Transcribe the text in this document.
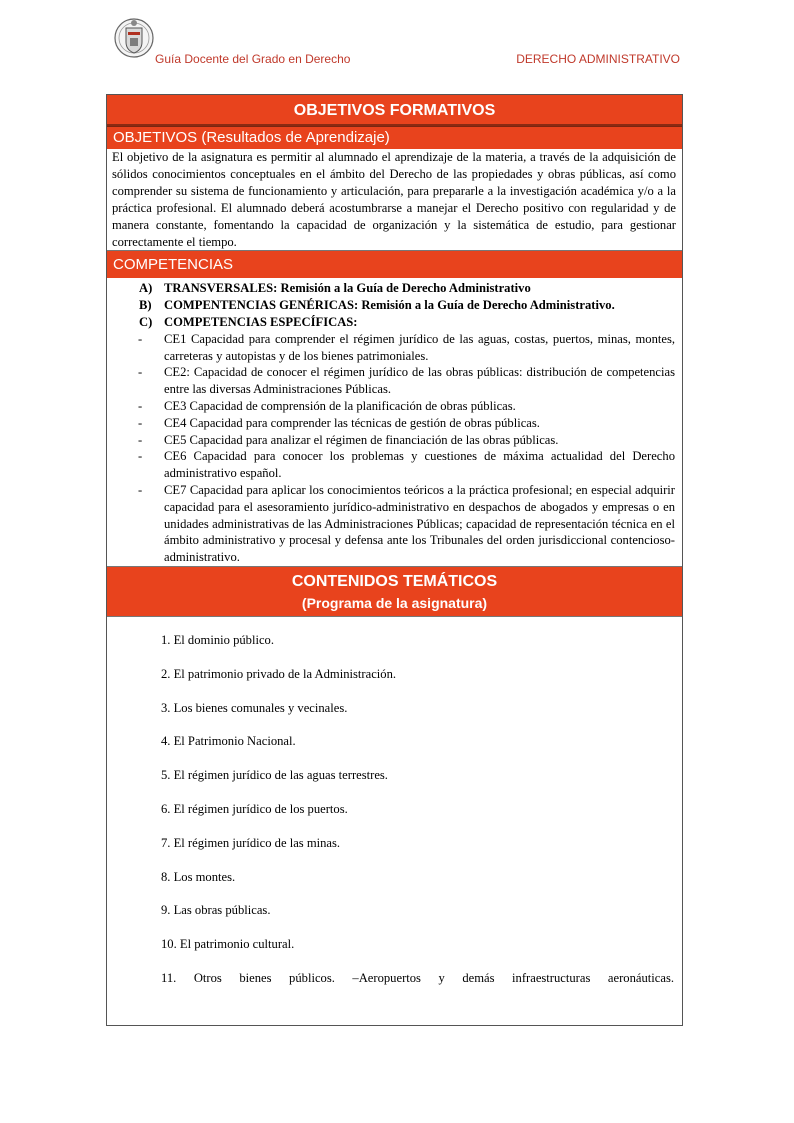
Guía Docente del Grado en Derecho	DERECHO ADMINISTRATIVO
OBJETIVOS FORMATIVOS
OBJETIVOS (Resultados de Aprendizaje)
El objetivo de la asignatura es permitir al alumnado el aprendizaje de la materia, a través de la adquisición de sólidos conocimientos conceptuales en el ámbito del Derecho de las propiedades y obras públicas, así como comprender su sistema de funcionamiento y articulación, para prepararle a la investigación académica y/o a la práctica profesional. El alumnado deberá acostumbrarse a manejar el Derecho positivo con regularidad y de manera constante, fomentando la capacidad de organización y la sistemática de estudio, para gestionar correctamente el tiempo.
COMPETENCIAS
A) TRANSVERSALES: Remisión a la Guía de Derecho Administrativo
B) COMPENTENCIAS GENÉRICAS: Remisión a la Guía de Derecho Administrativo.
C) COMPETENCIAS ESPECÍFICAS:
-	CE1 Capacidad para comprender el régimen jurídico de las aguas, costas, puertos, minas, montes, carreteras y autopistas y de los bienes patrimoniales.
-	CE2: Capacidad de conocer el régimen jurídico de las obras públicas: distribución de competencias entre las diversas Administraciones Públicas.
-	CE3 Capacidad de comprensión de la planificación de obras públicas.
-	CE4 Capacidad para comprender las técnicas de gestión de obras públicas.
-	CE5 Capacidad para analizar el régimen de financiación de las obras públicas.
-	CE6 Capacidad para conocer los problemas y cuestiones de máxima actualidad del Derecho administrativo español.
-	CE7 Capacidad para aplicar los conocimientos teóricos a la práctica profesional; en especial adquirir capacidad para el asesoramiento jurídico-administrativo en despachos de abogados y empresas o en unidades administrativas de las Administraciones Públicas; capacidad de representación técnica en el ámbito administrativo y procesal y defensa ante los Tribunales del orden jurisdiccional contencioso-administrativo.
CONTENIDOS TEMÁTICOS
(Programa de la asignatura)
1. El dominio público.
2. El patrimonio privado de la Administración.
3. Los bienes comunales y vecinales.
4. El Patrimonio Nacional.
5. El régimen jurídico de las aguas terrestres.
6. El régimen jurídico de los puertos.
7. El régimen jurídico de las minas.
8. Los montes.
9. Las obras públicas.
10. El patrimonio cultural.
11. Otros bienes públicos. –Aeropuertos y demás infraestructuras aeronáuticas.
